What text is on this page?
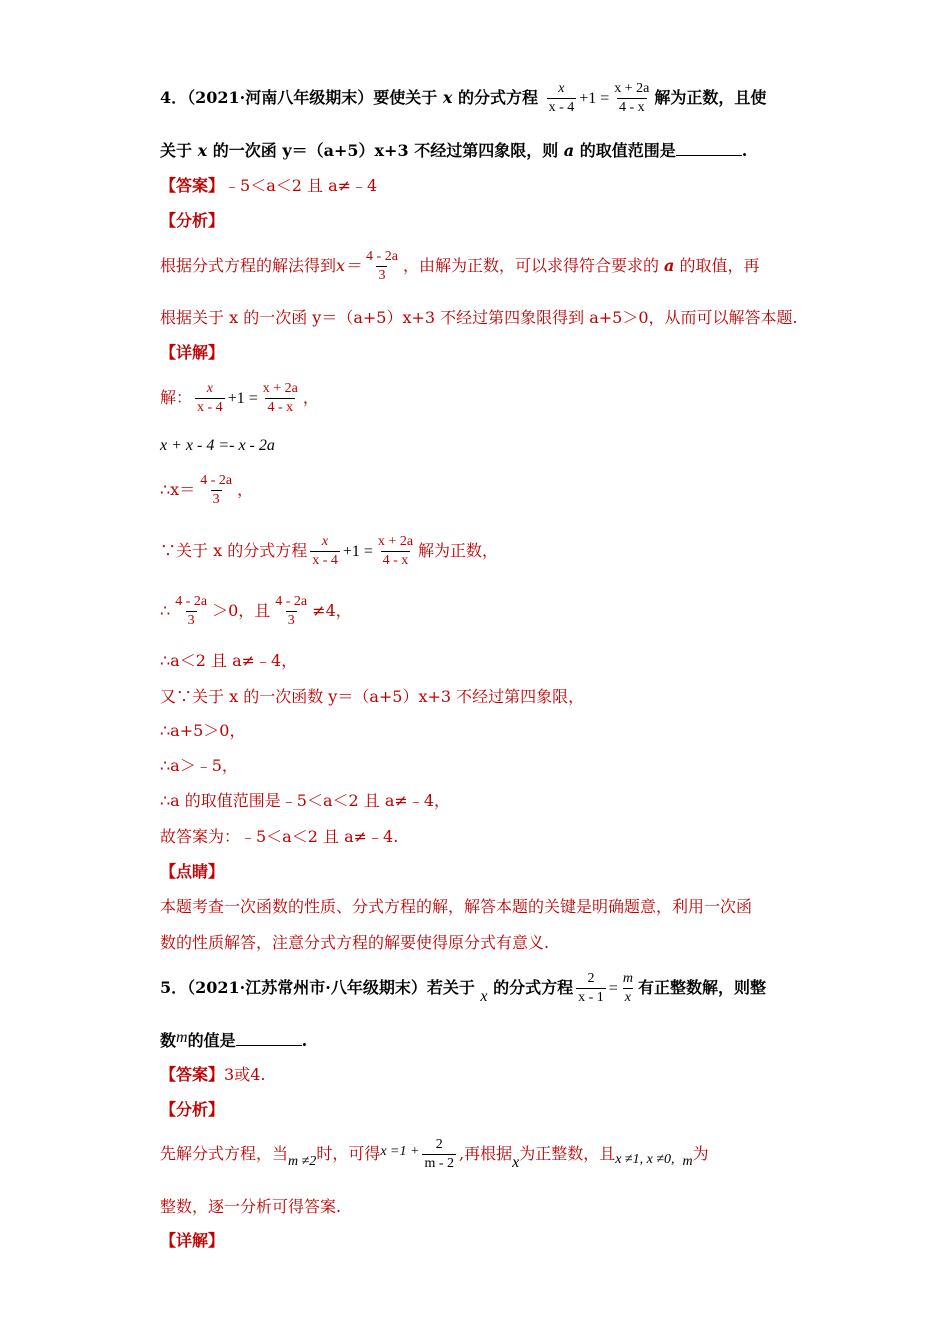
4．（2021·河南八年级期末）要使关于 x 的分式方程 $\frac{x}{x - 4} +1 = \frac{x + 2a}{4 - x}$ 解为正数，且使
关于 x 的一次函 y＝（a+5）x+3 不经过第四象限，则 a 的取值范围是	.
【答案】﹣5＜a＜2 且 a≠﹣4
【分析】
根据分式方程的解法得到$x= \frac{4 - 2a}{3}$ ，由解为正数，可以求得符合要求的 a 的取值，再
根据关于 x 的一次函 y＝（a+5）x+3 不经过第四象限得到 a+5＞0，从而可以解答本题.
【详解】
解： $\frac{x}{x - 4} +1 = \frac{x + 2a}{4 - x}$ ，
x + x - 4 =- x - 2a
∴x＝ $\frac{4 - 2a}{3}$ ，
∵关于 x 的分式方程 $\frac{x}{x - 4} +1 = \frac{x + 2a}{4 - x}$ 解为正数，
∴ $\frac{4 - 2a}{3} >0$，且 $\frac{4 - 2a}{3} \ne 4$，
∴a＜2 且 a≠﹣4，
又∵关于 x 的一次函数 y＝（a+5）x+3 不经过第四象限，
∴a+5＞0，
∴a＞﹣5，
∴a 的取值范围是﹣5＜a＜2 且 a≠﹣4，
故答案为：﹣5＜a＜2 且 a≠﹣4.
【点睛】
本题考查一次函数的性质、分式方程的解，解答本题的关键是明确题意，利用一次函
数的性质解答，注意分式方程的解要使得原分式有意义.
5．（2021·江苏常州市·八年级期末）若关于 x 的分式方程 $\frac{2}{x - 1} = \frac{m}{x}$ 有正整数解，则整
数m的值是	.
【答案】3或4.
【分析】
先解分式方程，当m ≠2时，可得$x =1 + \frac{2}{m - 2}$ ,再根据x为正整数，且x ≠1, x ≠0, m为
整数，逐一分析可得答案.
【详解】
